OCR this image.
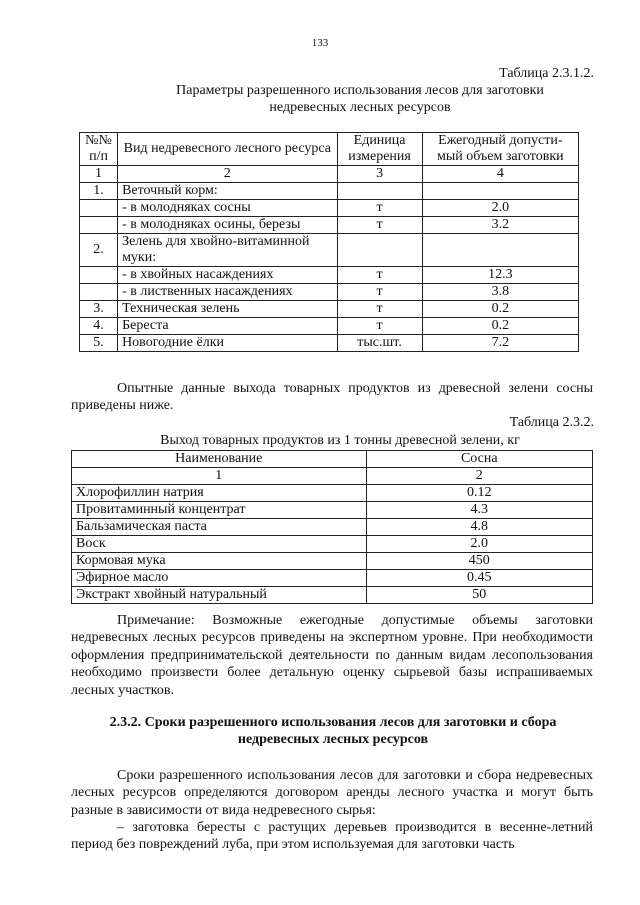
133
Таблица 2.3.1.2.
Параметры разрешенного использования лесов для заготовки
недревесных лесных ресурсов
№№ п/п	Вид недревесного лесного ресурса	Единица измерения	Ежегодный допусти-мый объем заготовки
1	2	3	4
1.	Веточный корм:		
	- в молодняках сосны	т	2.0
	- в молодняках осины, березы	т	3.2
2.	Зелень для хвойно-витаминной муки:		
	- в хвойных насаждениях	т	12.3
	- в лиственных насаждениях	т	3.8
3.	Техническая зелень	т	0.2
4.	Береста	т	0.2
5.	Новогодние ёлки	тыс.шт.	7.2
Опытные данные выхода товарных продуктов из древесной зелени сосны приведены ниже.
Таблица 2.3.2.
Выход товарных продуктов из 1 тонны древесной зелени, кг
Наименование	Сосна
1	2
Хлорофиллин натрия	0.12
Провитаминный концентрат	4.3
Бальзамическая паста	4.8
Воск	2.0
Кормовая мука	450
Эфирное масло	0.45
Экстракт хвойный натуральный	50
Примечание: Возможные ежегодные допустимые объемы заготовки недревесных лесных ресурсов приведены на экспертном уровне. При необходимости оформления предпринимательской деятельности по данным видам лесопользования необходимо произвести более детальную оценку сырьевой базы испрашиваемых лесных участков.
2.3.2. Сроки разрешенного использования лесов для заготовки и сбора
недревесных лесных ресурсов
Сроки разрешенного использования лесов для заготовки и сбора недревесных лесных ресурсов определяются договором аренды лесного участка и могут быть разные в зависимости от вида недревесного сырья:
– заготовка бересты с растущих деревьев производится в весенне-летний период без повреждений луба, при этом используемая для заготовки часть
